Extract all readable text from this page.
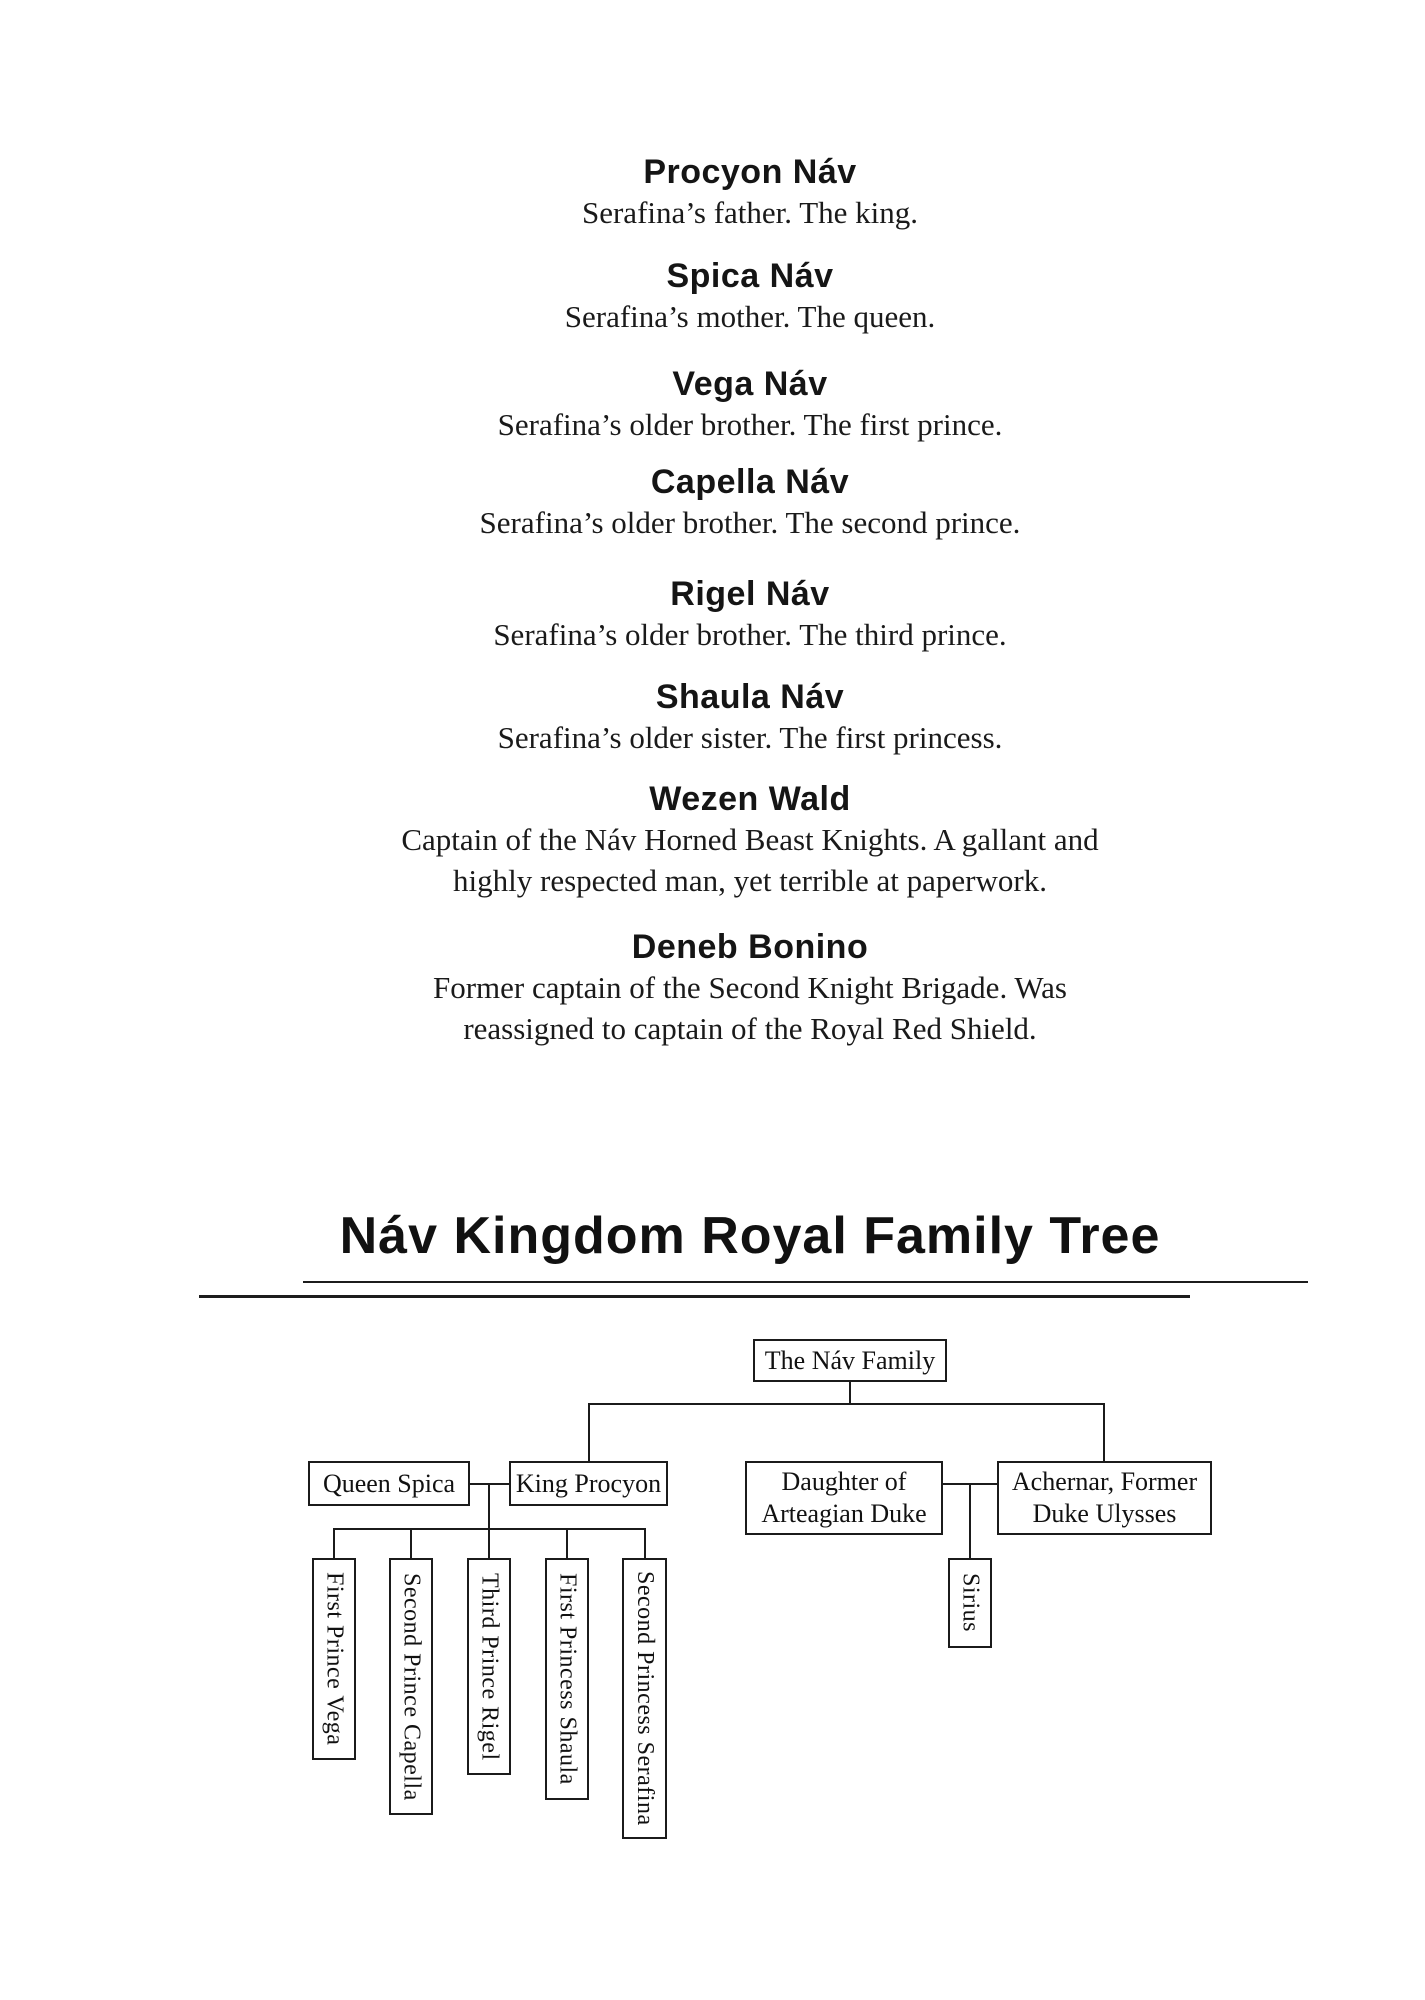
Procyon Náv
Serafina’s father. The king.
Spica Náv
Serafina’s mother. The queen.
Vega Náv
Serafina’s older brother. The first prince.
Capella Náv
Serafina’s older brother. The second prince.
Rigel Náv
Serafina’s older brother. The third prince.
Shaula Náv
Serafina’s older sister. The first princess.
Wezen Wald
Captain of the Náv Horned Beast Knights. A gallant and
highly respected man, yet terrible at paperwork.
Deneb Bonino
Former captain of the Second Knight Brigade. Was
reassigned to captain of the Royal Red Shield.
Náv Kingdom Royal Family Tree
The Náv Family
Queen Spica King Procyon	Daughter of
Arteagian Duke
Achernar, Former
Duke Ulysses
First Prince Vega Second Prince Capella Third Prince Rigel First Princess Shaula Second Princess Serafina	Sirius
